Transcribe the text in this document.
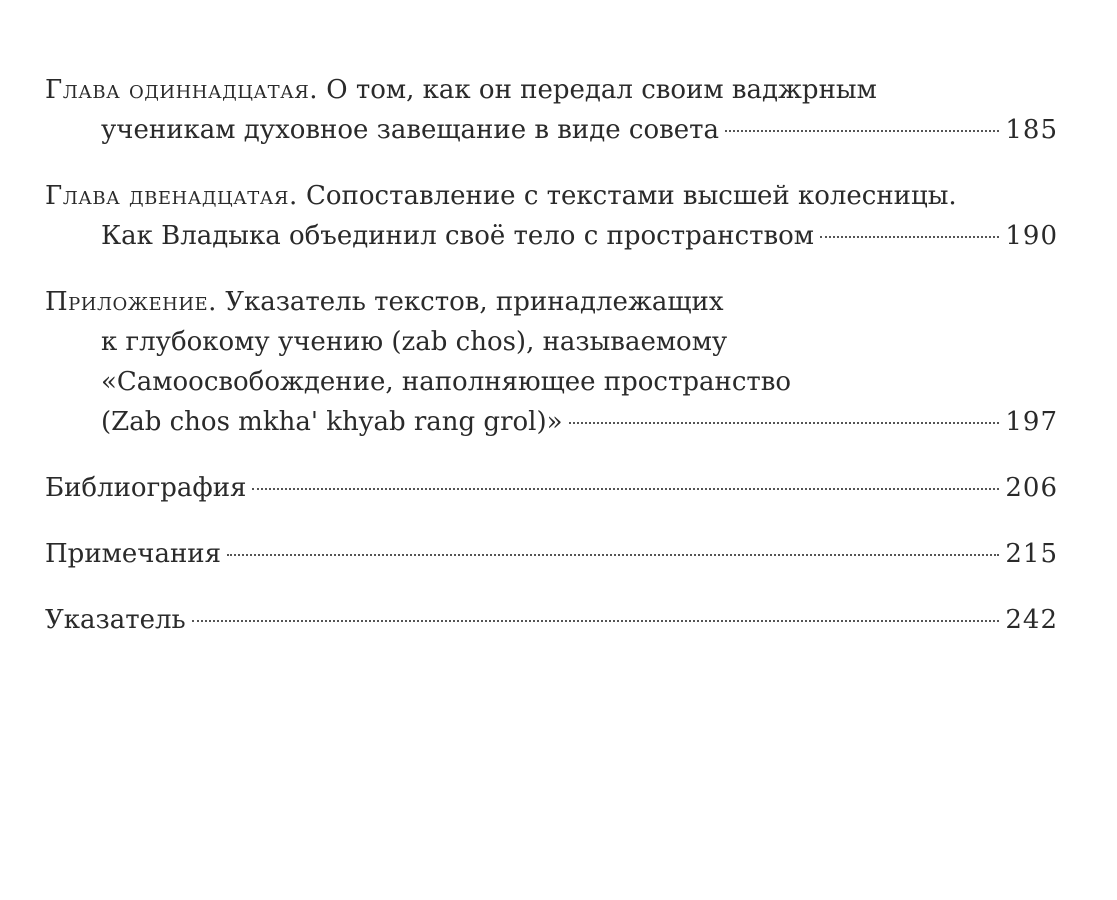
Глава одиннадцатая. О том, как он передал своим ваджрным
ученикам духовное завещание в виде совета	185
Глава двенадцатая. Сопоставление с текстами высшей колесницы.
Как Владыка объединил своё тело с пространством	190
Приложение. Указатель текстов, принадлежащих
к глубокому учению (zab chos), называемому
«Самоосвобождение, наполняющее пространство
(Zab chos mkha' khyab rang grol)»	197
Библиография	206
Примечания	215
Указатель	242
